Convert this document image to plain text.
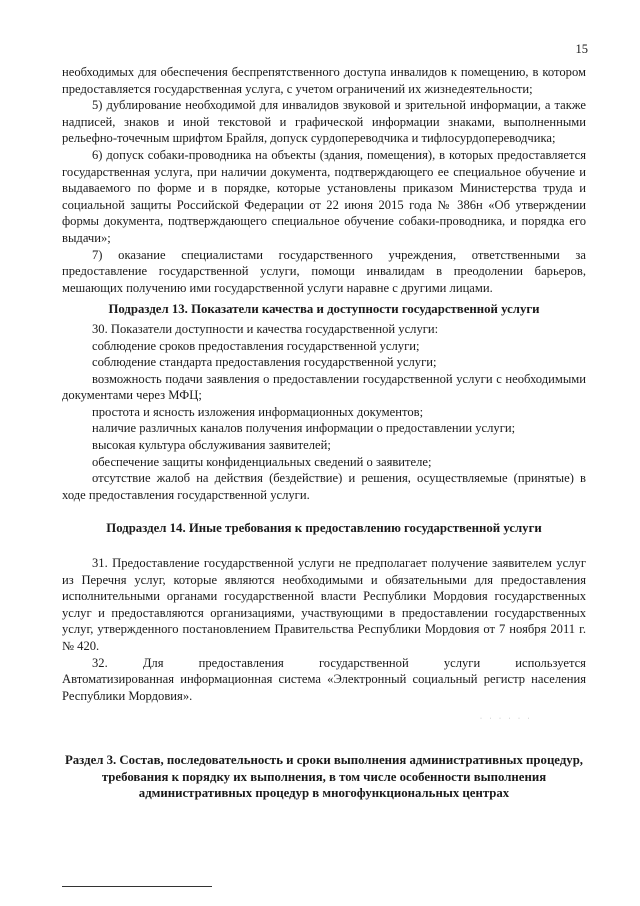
15

необходимых для обеспечения беспрепятственного доступа инвалидов к помещению, в котором предоставляется государственная услуга, с учетом ограничений их жизнедеятельности;

5) дублирование необходимой для инвалидов звуковой и зрительной информации, а также надписей, знаков и иной текстовой и графической информации знаками, выполненными рельефно-точечным шрифтом Брайля, допуск сурдопереводчика и тифлосурдопереводчика;

6) допуск собаки-проводника на объекты (здания, помещения), в которых предоставляется государственная услуга, при наличии документа, подтверждающего ее специальное обучение и выдаваемого по форме и в порядке, которые установлены приказом Министерства труда и социальной защиты Российской Федерации от 22 июня 2015 года № 386н «Об утверждении формы документа, подтверждающего специальное обучение собаки-проводника, и порядка его выдачи»;

7) оказание специалистами государственного учреждения, ответственными за предоставление государственной услуги, помощи инвалидам в преодолении барьеров, мешающих получению ими государственной услуги наравне с другими лицами.

Подраздел 13. Показатели качества и доступности государственной услуги

30. Показатели доступности и качества государственной услуги:

соблюдение сроков предоставления государственной услуги;

соблюдение стандарта предоставления государственной услуги;

возможность подачи заявления о предоставлении государственной услуги с необходимыми документами через МФЦ;

простота и ясность изложения информационных документов;

наличие различных каналов получения информации о предоставлении услуги;

высокая культура обслуживания заявителей;

обеспечение защиты конфиденциальных сведений о заявителе;

отсутствие жалоб на действия (бездействие) и решения, осуществляемые (принятые) в ходе предоставления государственной услуги.

Подраздел 14. Иные требования к предоставлению государственной услуги

31. Предоставление государственной услуги не предполагает получение заявителем услуг из Перечня услуг, которые являются необходимыми и обязательными для предоставления исполнительными органами государственной власти Республики Мордовия государственных услуг и предоставляются организациями, участвующими в предоставлении государственных услуг, утвержденного постановлением Правительства Республики Мордовия от 7 ноября 2011 г. № 420.

32.	Для	предоставления	государственной	услуги	используется

Автоматизированная информационная система «Электронный социальный регистр населения Республики Мордовия».

· · · · · ·
Раздел 3. Состав, последовательность и сроки выполнения административных процедур, требования к порядку их выполнения, в том числе особенности выполнения административных процедур в многофункциональных центрах
